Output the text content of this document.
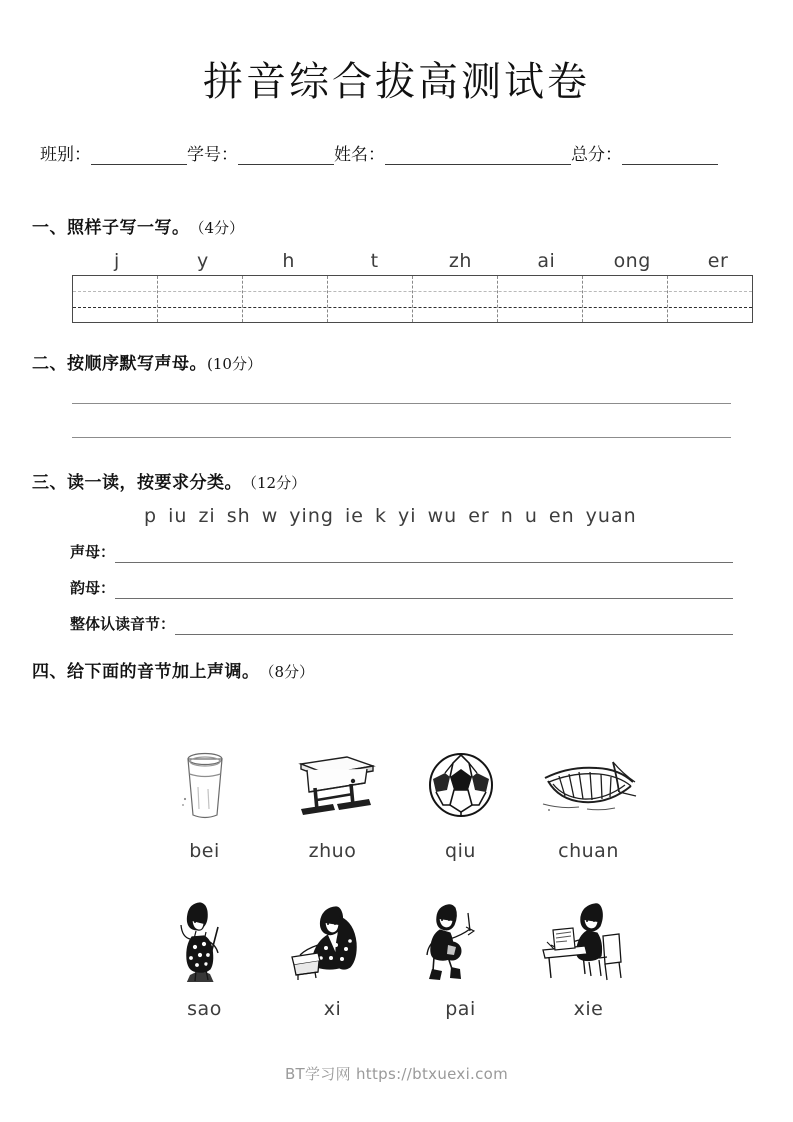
拼音综合拔高测试卷
班别：	学号：	姓名：	总分：
一、照样子写一写。 （4分）
j	y	h	t	zh	ai	ong	er
二、按顺序默写声母。 (10分）
三、读一读，按要求分类。 （12分）
p iu zi sh w ying ie k yi wu er n u en yuan
声母：
韵母：
整体认读音节：
四、给下面的音节加上声调。 （8分）
bei	zhuo	qiu	chuan
sao	xi	pai	xie
BT学习网 https://btxuexi.com
